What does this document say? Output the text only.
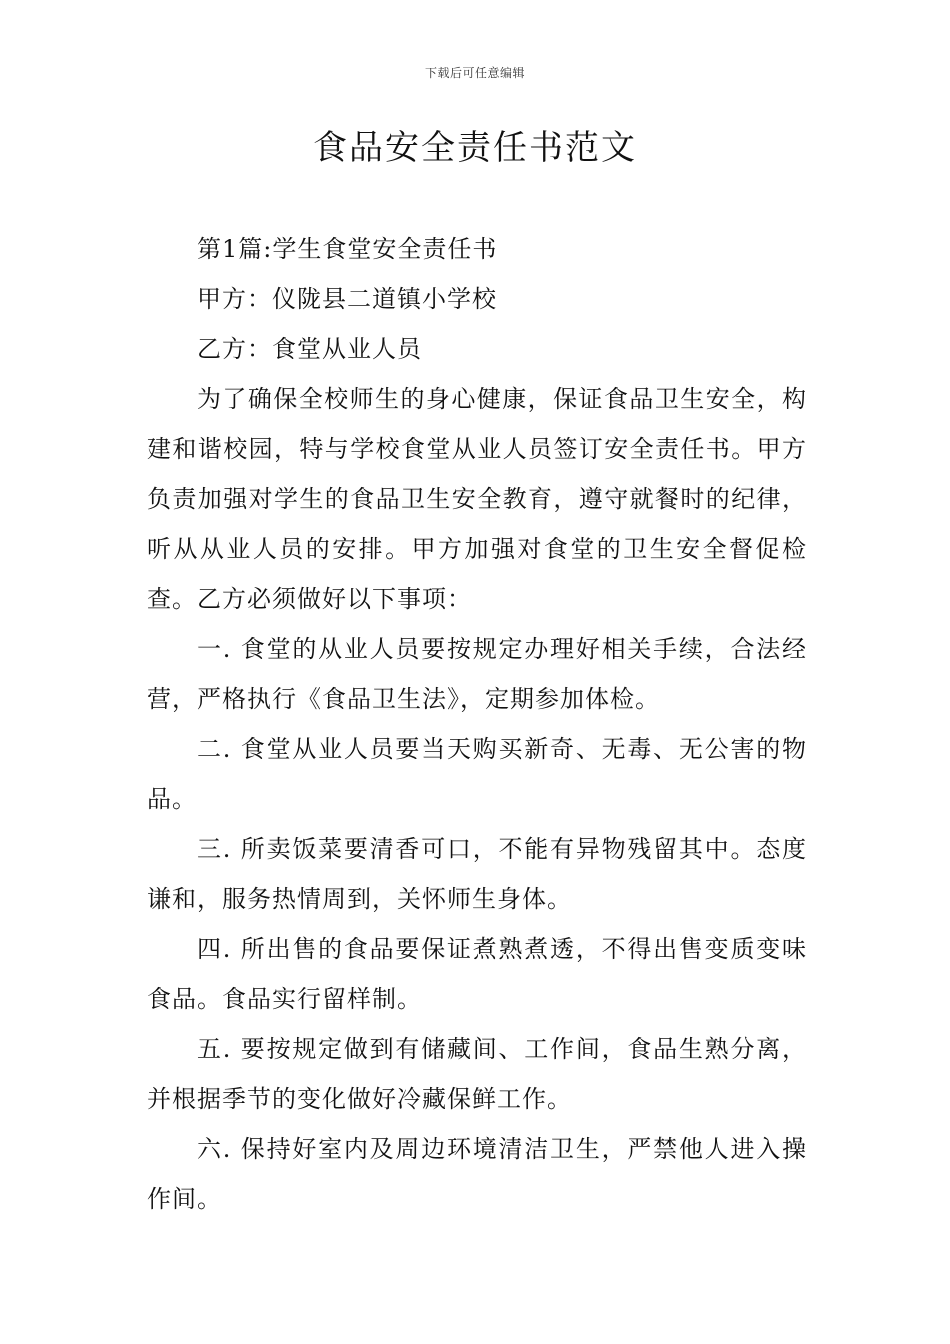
下载后可任意编辑
食品安全责任书范文

第1篇:学生食堂安全责任书

甲方：仪陇县二道镇小学校

乙方：食堂从业人员

为了确保全校师生的身心健康，保证食品卫生安全，构建和谐校园，特与学校食堂从业人员签订安全责任书。甲方负责加强对学生的食品卫生安全教育，遵守就餐时的纪律，听从从业人员的安排。甲方加强对食堂的卫生安全督促检查。乙方必须做好以下事项：

一. 食堂的从业人员要按规定办理好相关手续，合法经营，严格执行《食品卫生法》，定期参加体检。

二. 食堂从业人员要当天购买新奇、无毒、无公害的物品。

三. 所卖饭菜要清香可口，不能有异物残留其中。态度谦和，服务热情周到，关怀师生身体。

四. 所出售的食品要保证煮熟煮透，不得出售变质变味食品。食品实行留样制。

五. 要按规定做到有储藏间、工作间，食品生熟分离，并根据季节的变化做好冷藏保鲜工作。

六. 保持好室内及周边环境清洁卫生，严禁他人进入操作间。
